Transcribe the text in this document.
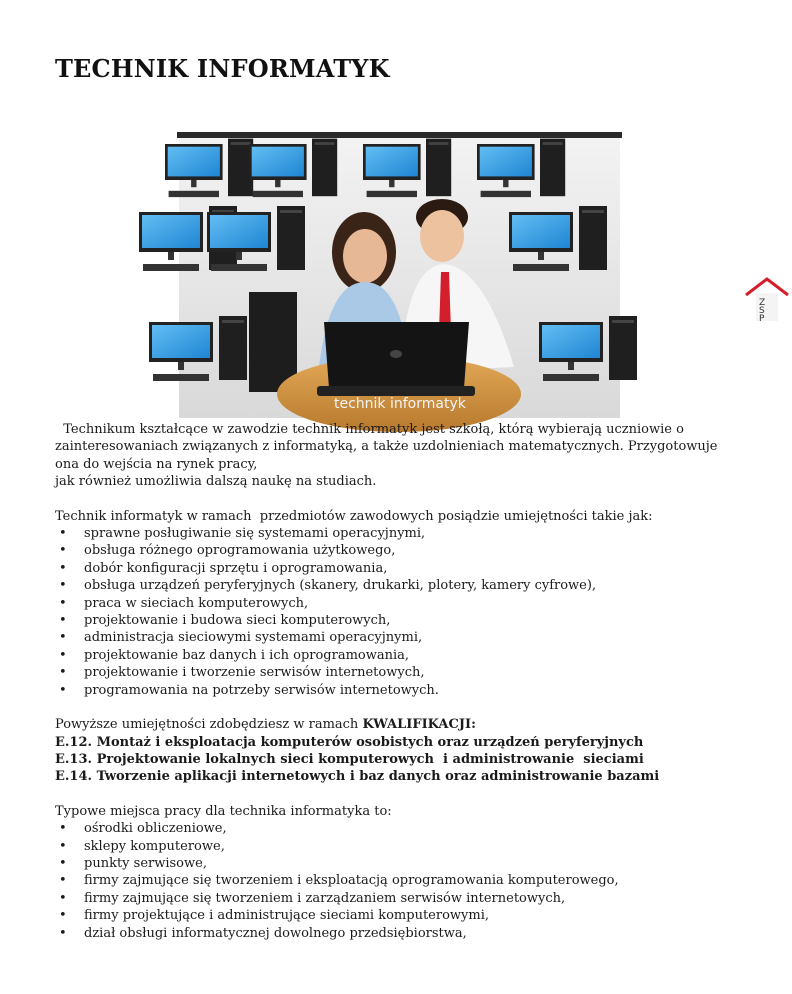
TECHNIK INFORMATYK
Z
S
P
technik informatyk

Technikum kształcące w zawodzie technik informatyk jest szkołą, którą wybierają uczniowie o

zainteresowaniach związanych z informatyką, a także uzdolnieniach matematycznych. Przygotowuje

ona do wejścia na rynek pracy,

jak również umożliwia dalszą naukę na studiach.

Technik informatyk w ramach  przedmiotów zawodowych posiądzie umiejętności takie jak:

• sprawne posługiwanie się systemami operacyjnymi,
• obsługa różnego oprogramowania użytkowego,
• dobór konfiguracji sprzętu i oprogramowania,
• obsługa urządzeń peryferyjnych (skanery, drukarki, plotery, kamery cyfrowe),
• praca w sieciach komputerowych,
• projektowanie i budowa sieci komputerowych,
• administracja sieciowymi systemami operacyjnymi,
• projektowanie baz danych i ich oprogramowania,
• projektowanie i tworzenie serwisów internetowych,
• programowania na potrzeby serwisów internetowych.

Powyższe umiejętności zdobędziesz w ramach KWALIFIKACJI:

E.12. Montaż i eksploatacja komputerów osobistych oraz urządzeń peryferyjnych

E.13. Projektowanie lokalnych sieci komputerowych  i administrowanie  sieciami

E.14. Tworzenie aplikacji internetowych i baz danych oraz administrowanie bazami

Typowe miejsca pracy dla technika informatyka to:

• ośrodki obliczeniowe,
• sklepy komputerowe,
• punkty serwisowe,
• firmy zajmujące się tworzeniem i eksploatacją oprogramowania komputerowego,
• firmy zajmujące się tworzeniem i zarządzaniem serwisów internetowych,
• firmy projektujące i administrujące sieciami komputerowymi,
• dział obsługi informatycznej dowolnego przedsiębiorstwa,
